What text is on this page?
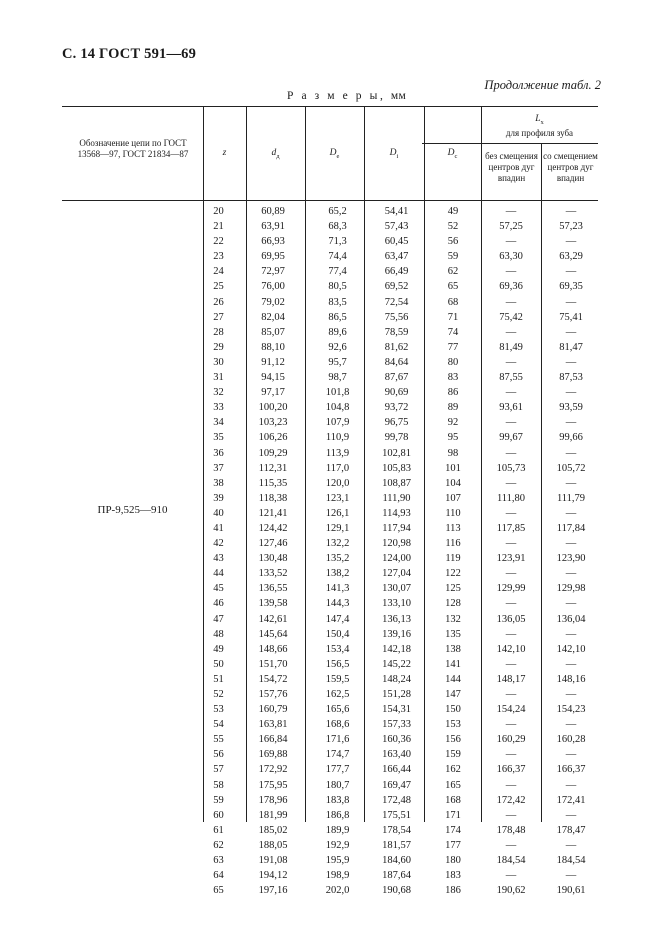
С. 14 ГОСТ 591—69
Продолжение табл. 2
Р а з м е р ы, мм
Обозначение цепи по ГОСТ 13568—97, ГОСТ 21834—87	z	$d_д$	$D_e$	$D_i$	$D_c$
$L_x$
для профиля зуба
без смещения центров дуг впадин
со смещением центров дуг впадин
ПР-9,525—910
20	60,89	65,2	54,41	49	—	—
21	63,91	68,3	57,43	52	57,25	57,23
22	66,93	71,3	60,45	56	—	—
23	69,95	74,4	63,47	59	63,30	63,29
24	72,97	77,4	66,49	62	—	—
25	76,00	80,5	69,52	65	69,36	69,35
26	79,02	83,5	72,54	68	—	—
27	82,04	86,5	75,56	71	75,42	75,41
28	85,07	89,6	78,59	74	—	—
29	88,10	92,6	81,62	77	81,49	81,47
30	91,12	95,7	84,64	80	—	—
31	94,15	98,7	87,67	83	87,55	87,53
32	97,17	101,8	90,69	86	—	—
33	100,20	104,8	93,72	89	93,61	93,59
34	103,23	107,9	96,75	92	—	—
35	106,26	110,9	99,78	95	99,67	99,66
36	109,29	113,9	102,81	98	—	—
37	112,31	117,0	105,83	101	105,73	105,72
38	115,35	120,0	108,87	104	—	—
39	118,38	123,1	111,90	107	111,80	111,79
40	121,41	126,1	114,93	110	—	—
41	124,42	129,1	117,94	113	117,85	117,84
42	127,46	132,2	120,98	116	—	—
43	130,48	135,2	124,00	119	123,91	123,90
44	133,52	138,2	127,04	122	—	—
45	136,55	141,3	130,07	125	129,99	129,98
46	139,58	144,3	133,10	128	—	—
47	142,61	147,4	136,13	132	136,05	136,04
48	145,64	150,4	139,16	135	—	—
49	148,66	153,4	142,18	138	142,10	142,10
50	151,70	156,5	145,22	141	—	—
51	154,72	159,5	148,24	144	148,17	148,16
52	157,76	162,5	151,28	147	—	—
53	160,79	165,6	154,31	150	154,24	154,23
54	163,81	168,6	157,33	153	—	—
55	166,84	171,6	160,36	156	160,29	160,28
56	169,88	174,7	163,40	159	—	—
57	172,92	177,7	166,44	162	166,37	166,37
58	175,95	180,7	169,47	165	—	—
59	178,96	183,8	172,48	168	172,42	172,41
60	181,99	186,8	175,51	171	—	—
61	185,02	189,9	178,54	174	178,48	178,47
62	188,05	192,9	181,57	177	—	—
63	191,08	195,9	184,60	180	184,54	184,54
64	194,12	198,9	187,64	183	—	—
65	197,16	202,0	190,68	186	190,62	190,61
